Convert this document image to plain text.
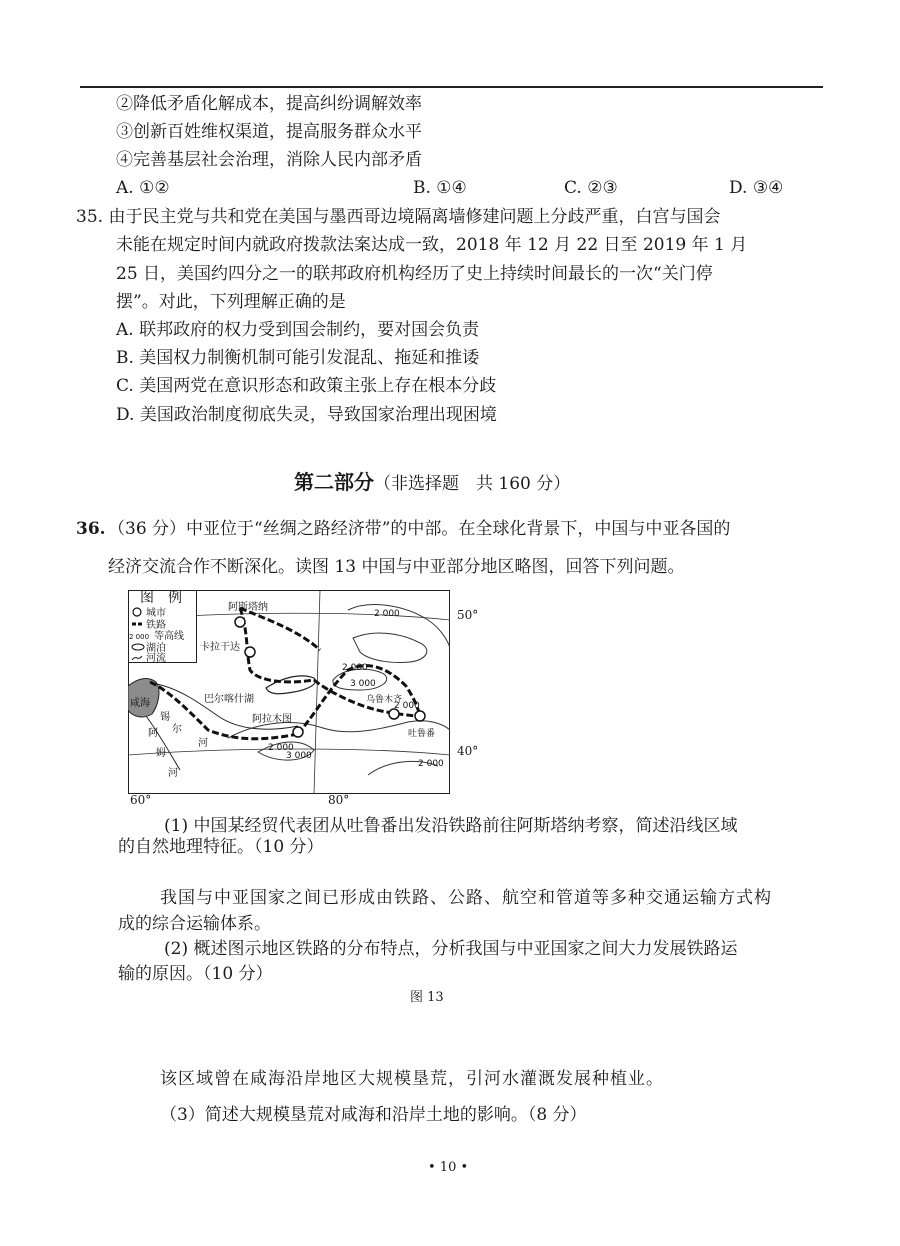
②降低矛盾化解成本，提高纠纷调解效率
③创新百姓维权渠道，提高服务群众水平
④完善基层社会治理，消除人民内部矛盾
A. ①②	B. ①④	C. ②③	D. ③④
35. 由于民主党与共和党在美国与墨西哥边境隔离墙修建问题上分歧严重，白宫与国会
未能在规定时间内就政府拨款法案达成一致，2018 年 12 月 22 日至 2019 年 1 月
25 日，美国约四分之一的联邦政府机构经历了史上持续时间最长的一次“关门停
摆”。对此，下列理解正确的是
A. 联邦政府的权力受到国会制约，要对国会负责
B. 美国权力制衡机制可能引发混乱、拖延和推诿
C. 美国两党在意识形态和政策主张上存在根本分歧
D. 美国政治制度彻底失灵，导致国家治理出现困境
第二部分（非选择题　共 160 分）
36. （36 分）中亚位于“丝绸之路经济带”的中部。在全球化背景下，中国与中亚各国的
经济交流合作不断深化。读图 13 中国与中亚部分地区略图，回答下列问题。
图　例
城市
铁路
2 000 等高线
湖泊
河流
阿斯塔纳
卡拉干达
乌鲁木齐
阿拉木图
吐鲁番
巴尔喀什湖
咸海
锡
尔
河
阿
姆
河
2 000
2 000
3 000
2 000
2 000
3 000
2 000
50°
40°
60°	80°
(1) 中国某经贸代表团从吐鲁番出发沿铁路前往阿斯塔纳考察，简述沿线区域
的自然地理特征。（10 分）
我国与中亚国家之间已形成由铁路、公路、航空和管道等多种交通运输方式构
成的综合运输体系。
(2) 概述图示地区铁路的分布特点，分析我国与中亚国家之间大力发展铁路运
输的原因。（10 分）
图 13
该区域曾在咸海沿岸地区大规模垦荒，引河水灌溉发展种植业。
（3）简述大规模垦荒对咸海和沿岸土地的影响。（8 分）
• 10 •
